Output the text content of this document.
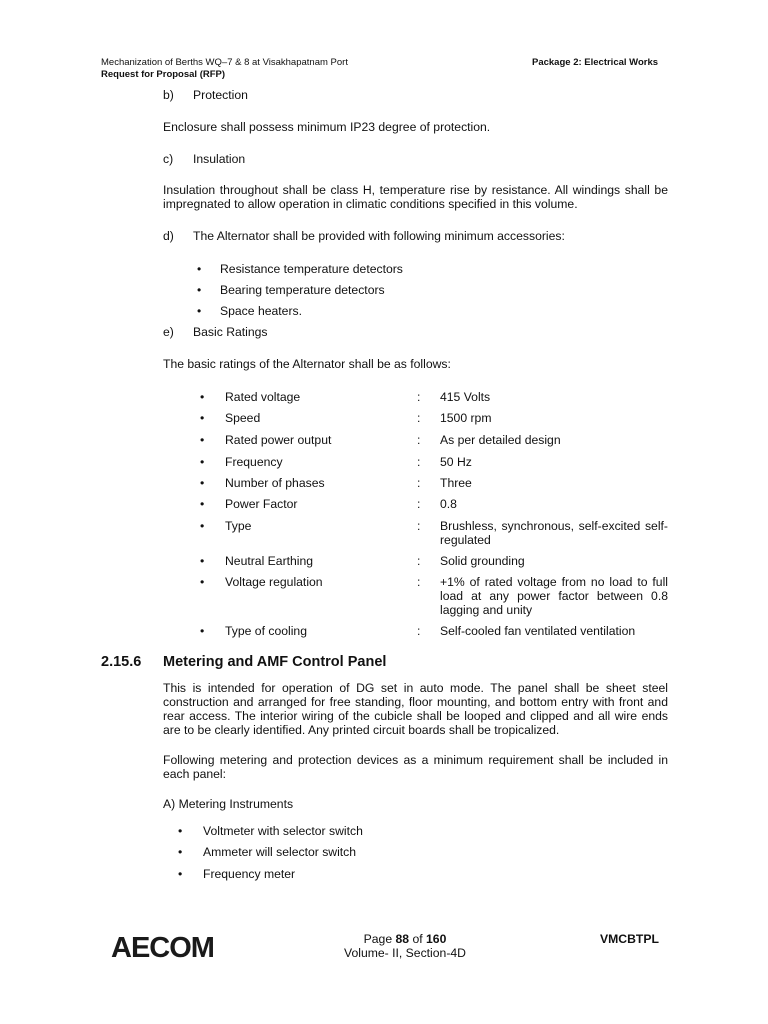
Mechanization of Berths WQ–7 & 8 at Visakhapatnam Port
Request for Proposal (RFP)
Package 2: Electrical Works
b) Protection
Enclosure shall possess minimum IP23 degree of protection.
c) Insulation
Insulation throughout shall be class H, temperature rise by resistance. All windings shall be impregnated to allow operation in climatic conditions specified in this volume.
d) The Alternator shall be provided with following minimum accessories:
• Resistance temperature detectors
• Bearing temperature detectors
• Space heaters.
e) Basic Ratings
The basic ratings of the Alternator shall be as follows:
• Rated voltage	: 415 Volts
• Speed	: 1500 rpm
• Rated power output	: As per detailed design
• Frequency	: 50 Hz
• Number of phases	: Three
• Power Factor	: 0.8
• Type	: Brushless, synchronous, self-excited self-regulated
• Neutral Earthing	: Solid grounding
• Voltage regulation	: +1% of rated voltage from no load to full load at any power factor between 0.8 lagging and unity
• Type of cooling	: Self-cooled fan ventilated ventilation
2.15.6 Metering and AMF Control Panel
This is intended for operation of DG set in auto mode. The panel shall be sheet steel construction and arranged for free standing, floor mounting, and bottom entry with front and rear access. The interior wiring of the cubicle shall be looped and clipped and all wire ends are to be clearly identified. Any printed circuit boards shall be tropicalized.
Following metering and protection devices as a minimum requirement shall be included in each panel:
A) Metering Instruments
• Voltmeter with selector switch
• Ammeter will selector switch
• Frequency meter
AECOM	Page 88 of 160
Volume- II, Section-4D
VMCBTPL
